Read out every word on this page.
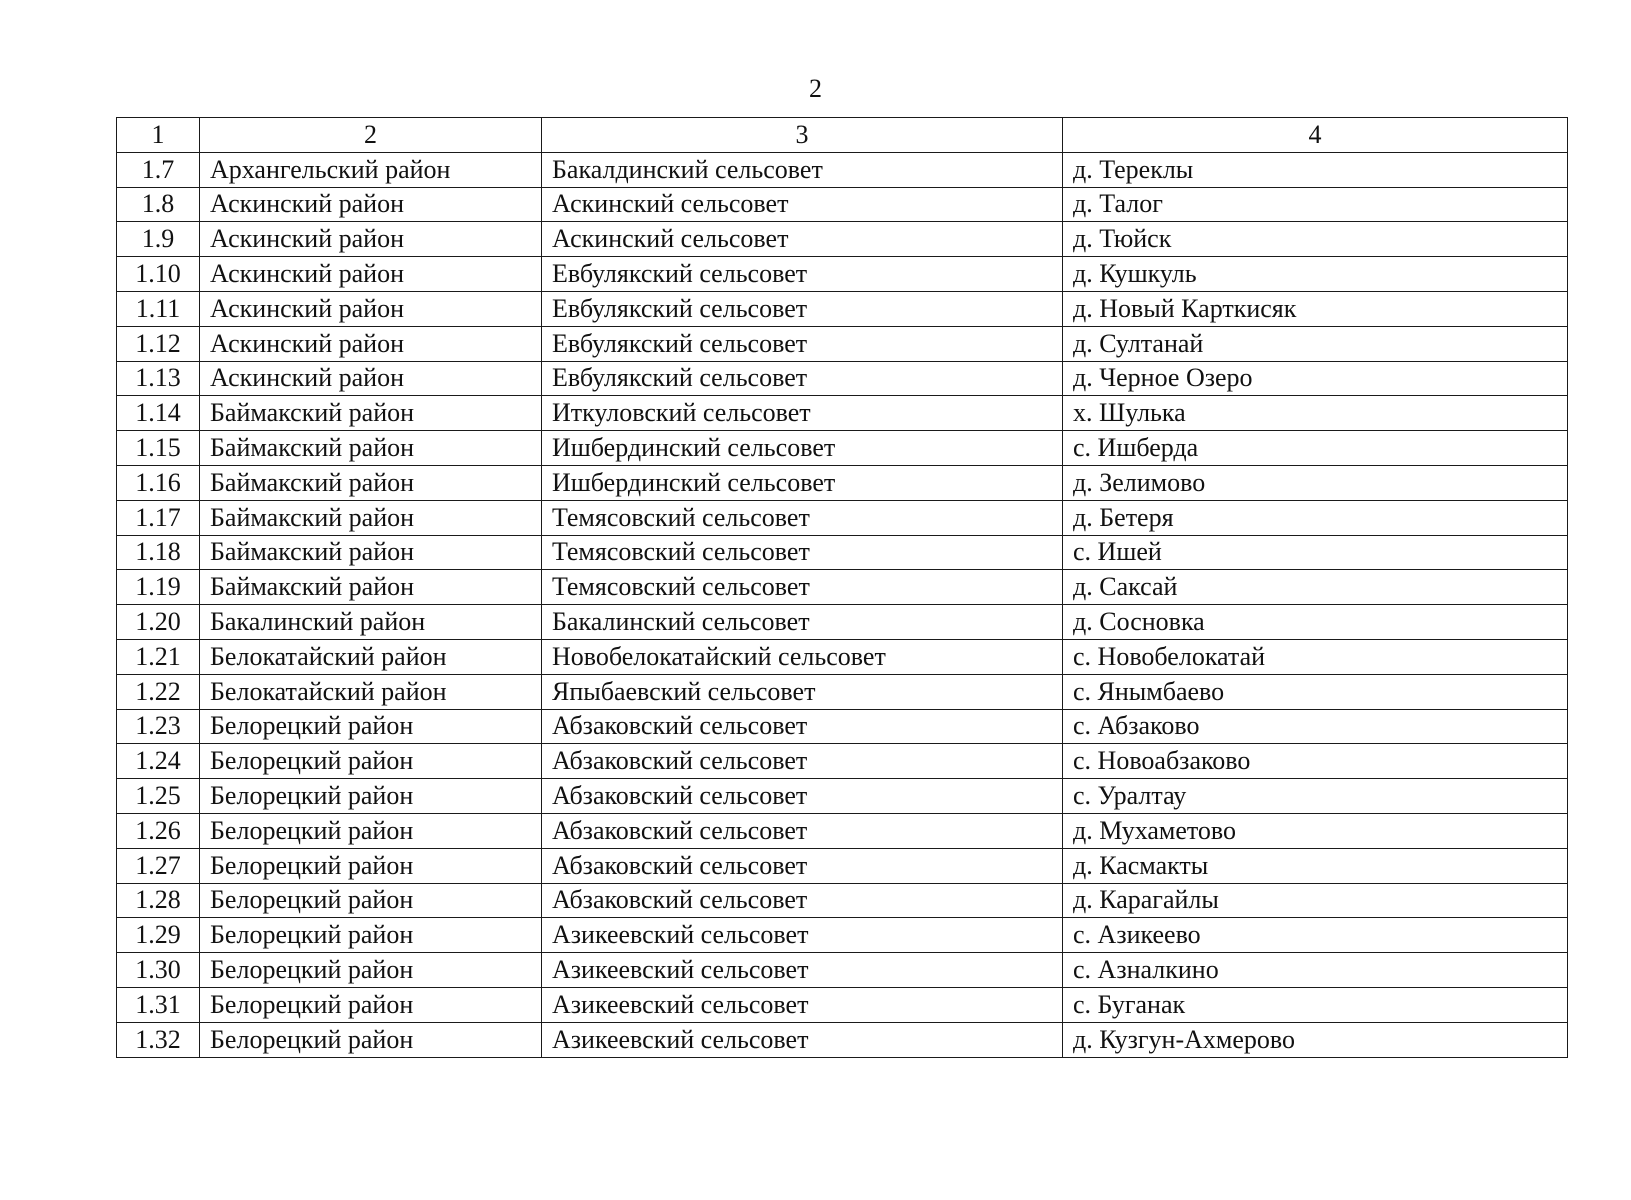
2
1	2	3	4
1.7	Архангельский район	Бакалдинский сельсовет	д. Тереклы
1.8	Аскинский район	Аскинский сельсовет	д. Талог
1.9	Аскинский район	Аскинский сельсовет	д. Тюйск
1.10	Аскинский район	Евбулякский сельсовет	д. Кушкуль
1.11	Аскинский район	Евбулякский сельсовет	д. Новый Карткисяк
1.12	Аскинский район	Евбулякский сельсовет	д. Султанай
1.13	Аскинский район	Евбулякский сельсовет	д. Черное Озеро
1.14	Баймакский район	Иткуловский сельсовет	х. Шулька
1.15	Баймакский район	Ишбердинский сельсовет	с. Ишберда
1.16	Баймакский район	Ишбердинский сельсовет	д. Зелимово
1.17	Баймакский район	Темясовский сельсовет	д. Бетеря
1.18	Баймакский район	Темясовский сельсовет	с. Ишей
1.19	Баймакский район	Темясовский сельсовет	д. Саксай
1.20	Бакалинский район	Бакалинский сельсовет	д. Сосновка
1.21	Белокатайский район	Новобелокатайский сельсовет	с. Новобелокатай
1.22	Белокатайский район	Япыбаевский сельсовет	с. Янымбаево
1.23	Белорецкий район	Абзаковский сельсовет	с. Абзаково
1.24	Белорецкий район	Абзаковский сельсовет	с. Новоабзаково
1.25	Белорецкий район	Абзаковский сельсовет	с. Уралтау
1.26	Белорецкий район	Абзаковский сельсовет	д. Мухаметово
1.27	Белорецкий район	Абзаковский сельсовет	д. Касмакты
1.28	Белорецкий район	Абзаковский сельсовет	д. Карагайлы
1.29	Белорецкий район	Азикеевский сельсовет	с. Азикеево
1.30	Белорецкий район	Азикеевский сельсовет	с. Азналкино
1.31	Белорецкий район	Азикеевский сельсовет	с. Буганак
1.32	Белорецкий район	Азикеевский сельсовет	д. Кузгун-Ахмерово
